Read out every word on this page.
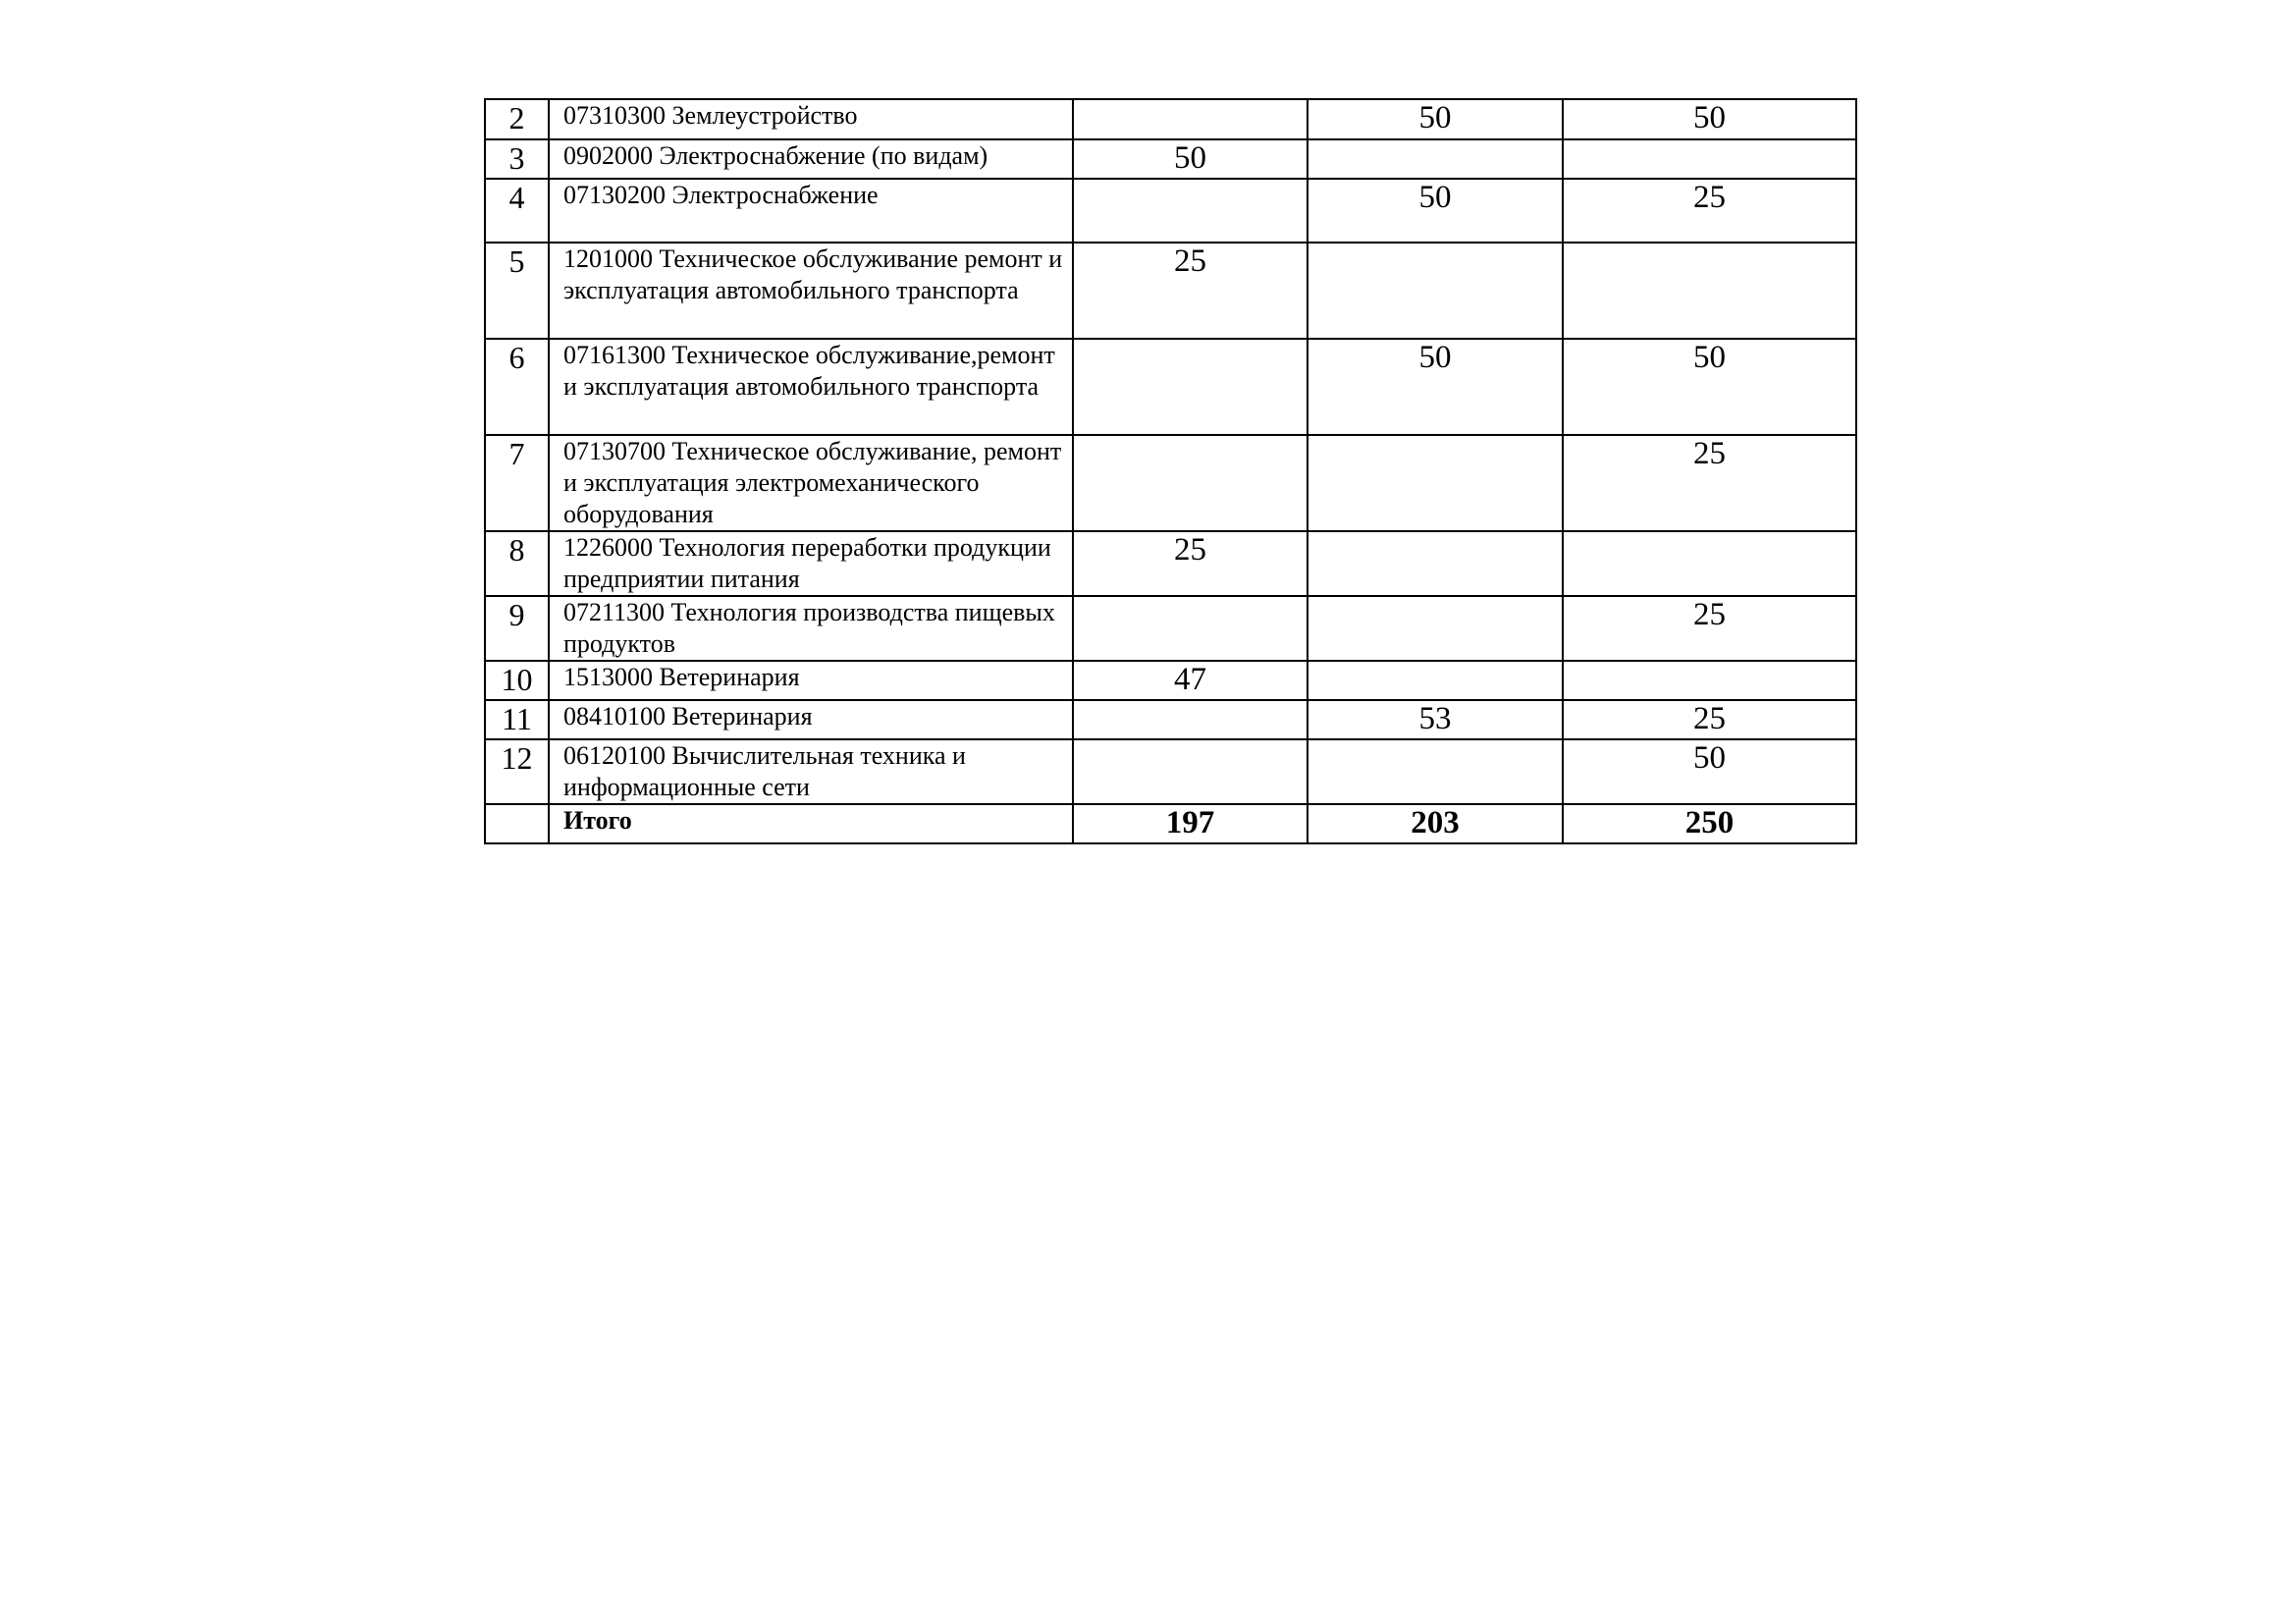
2	07310300 Землеустройство		50	50
3	0902000 Электроснабжение (по видам)	50		
4	07130200 Электроснабжение		50	25
5	1201000 Техническое обслуживание ремонт и эксплуатация автомобильного транспорта	25		
6	07161300 Техническое обслуживание,ремонт и эксплуатация автомобильного транспорта		50	50
7	07130700 Техническое обслуживание, ремонт и эксплуатация электромеханического оборудования			25
8	1226000 Технология переработки продукции предприятии питания	25		
9	07211300 Технология производства пищевых продуктов			25
10	1513000 Ветеринария	47		
11	08410100 Ветеринария		53	25
12	06120100 Вычислительная техника и информационные сети			50
	Итого	197	203	250
